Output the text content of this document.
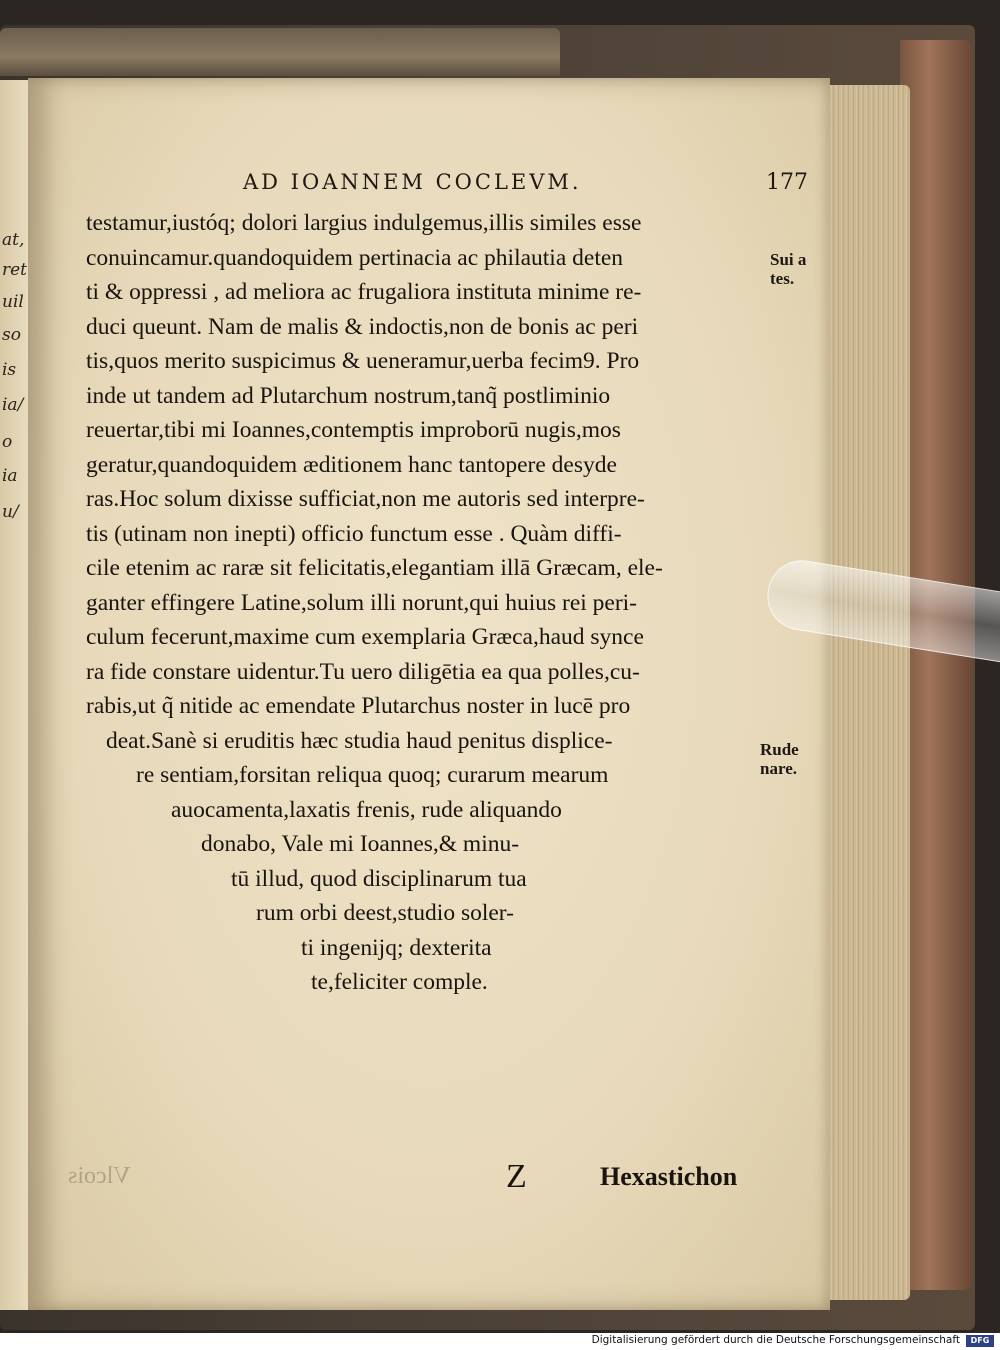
at,
ret
uil
so
is
ia/
o
ia
u/
AD IOANNEM COCLEVM.	177
testamur,iustóq; dolori largius indulgemus,illis similes esse
conuincamur.quandoquidem pertinacia ac philautia deten
ti & oppressi , ad meliora ac frugaliora instituta minime re-
duci queunt. Nam de malis & indoctis,non de bonis ac peri
tis,quos merito suspicimus & ueneramur,uerba fecim9. Pro
inde ut tandem ad Plutarchum nostrum,tanq̃ postliminio
reuertar,tibi mi Ioannes,contemptis improborū nugis,mos
geratur,quandoquidem æditionem hanc tantopere desyde
ras.Hoc solum dixisse sufficiat,non me autoris sed interpre-
tis (utinam non inepti) officio functum esse . Quàm diffi-
cile etenim ac raræ sit felicitatis,elegantiam illā Græcam, ele-
ganter effingere Latine,solum illi norunt,qui huius rei peri-
culum fecerunt,maxime cum exemplaria Græca,haud synce
ra fide constare uidentur.Tu uero diligētia ea qua polles,cu-
rabis,ut q̃ nitide ac emendate Plutarchus noster in lucē pro
deat.Sanè si eruditis hæc studia haud penitus displice-
re sentiam,forsitan reliqua quoq; curarum mearum
auocamenta,laxatis frenis, rude aliquando
donabo, Vale mi Ioannes,& minu-
tū illud, quod disciplinarum tua
rum orbi deest,studio soler-
ti ingenijq; dexterita
te,feliciter comple.
Sui a
tes.
Rude
nare.
Vlcois	Z	Hexastichon
Digitalisierung gefördert durch die Deutsche Forschungsgemeinschaft	DFG
